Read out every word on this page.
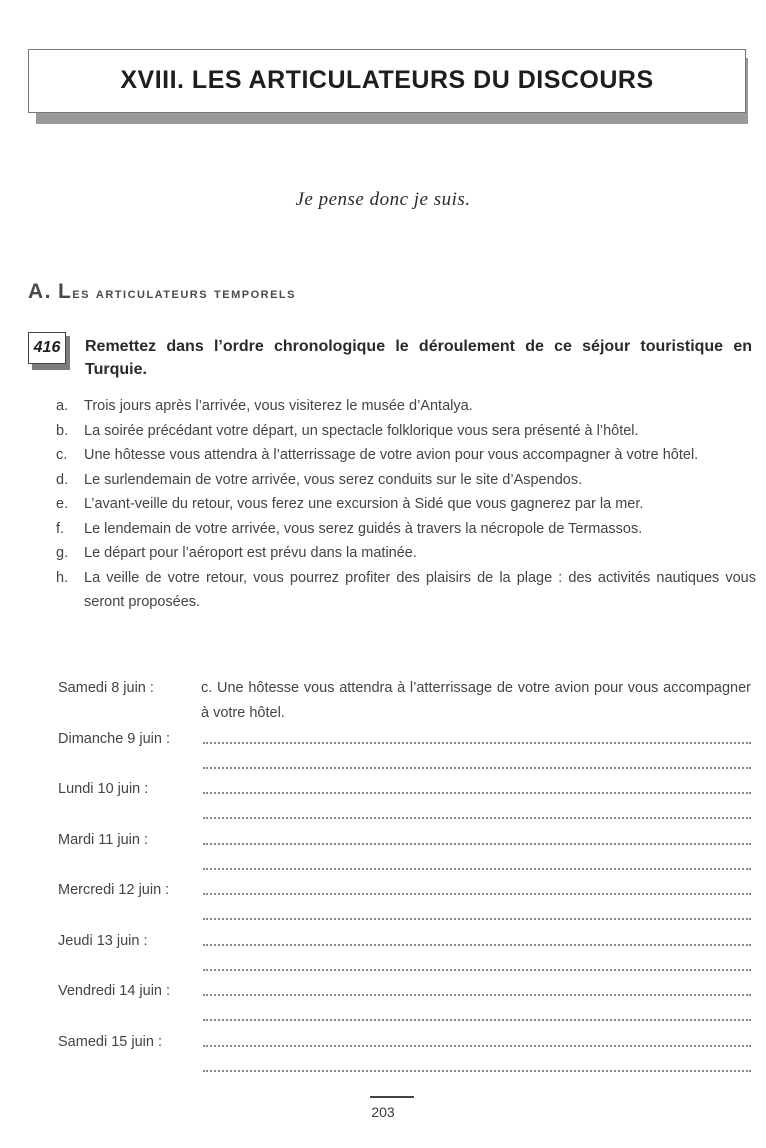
XVIII. LES ARTICULATEURS DU DISCOURS
Je pense donc je suis.
A. Les articulateurs temporels
416 Remettez dans l’ordre chronologique le déroulement de ce séjour touristique en Turquie.
a. Trois jours après l’arrivée, vous visiterez le musée d’Antalya.
b. La soirée précédant votre départ, un spectacle folklorique vous sera présenté à l’hôtel.
c. Une hôtesse vous attendra à l’atterrissage de votre avion pour vous accompagner à votre hôtel.
d. Le surlendemain de votre arrivée, vous serez conduits sur le site d’Aspendos.
e. L’avant-veille du retour, vous ferez une excursion à Sidé que vous gagnerez par la mer.
f. Le lendemain de votre arrivée, vous serez guidés à travers la nécropole de Termassos.
g. Le départ pour l’aéroport est prévu dans la matinée.
h. La veille de votre retour, vous pourrez profiter des plaisirs de la plage : des activités nautiques vous seront proposées.
Samedi 8 juin :	c. Une hôtesse vous attendra à l’atterrissage de votre avion pour vous accompagner à votre hôtel.
Dimanche 9 juin :
Lundi 10 juin :
Mardi 11 juin :
Mercredi 12 juin :
Jeudi 13 juin :
Vendredi 14 juin :
Samedi 15 juin :
203
